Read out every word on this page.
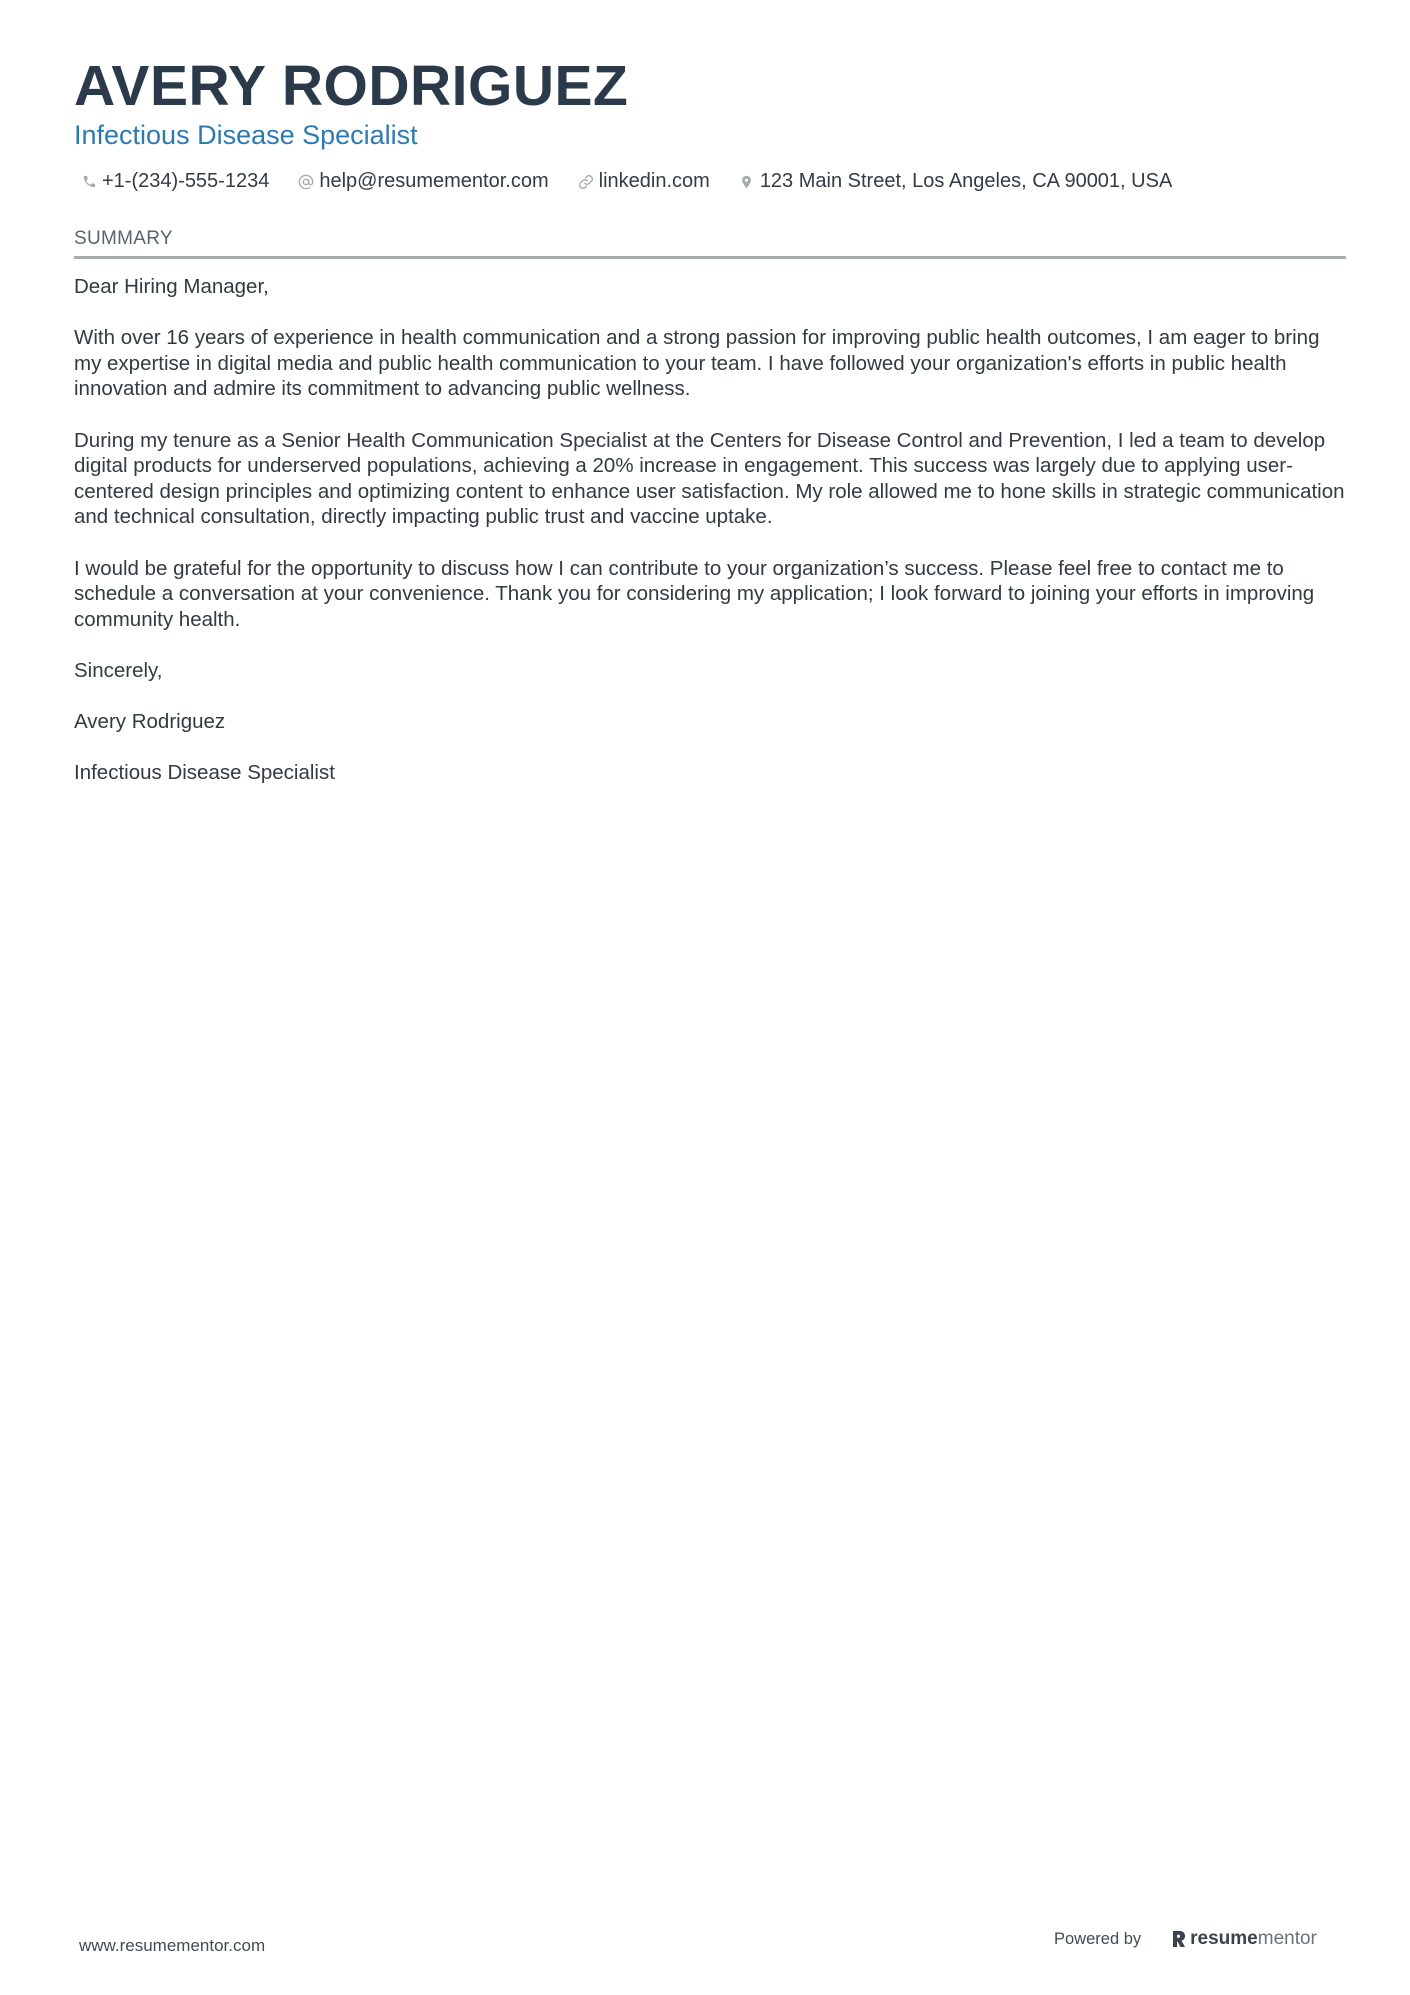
AVERY RODRIGUEZ
Infectious Disease Specialist
+1-(234)-555-1234	help@resumementor.com	linkedin.com	123 Main Street, Los Angeles, CA 90001, USA
SUMMARY

Dear Hiring Manager,

With over 16 years of experience in health communication and a strong passion for improving public health outcomes, I am eager to bring my expertise in digital media and public health communication to your team. I have followed your organization's efforts in public health innovation and admire its commitment to advancing public wellness.

During my tenure as a Senior Health Communication Specialist at the Centers for Disease Control and Prevention, I led a team to develop digital products for underserved populations, achieving a 20% increase in engagement. This success was largely due to applying user-centered design principles and optimizing content to enhance user satisfaction. My role allowed me to hone skills in strategic communication and technical consultation, directly impacting public trust and vaccine uptake.

I would be grateful for the opportunity to discuss how I can contribute to your organization’s success. Please feel free to contact me to schedule a conversation at your convenience. Thank you for considering my application; I look forward to joining your efforts in improving community health.

Sincerely,

Avery Rodriguez

Infectious Disease Specialist

www.resumementor.com	Powered by	resume mentor
